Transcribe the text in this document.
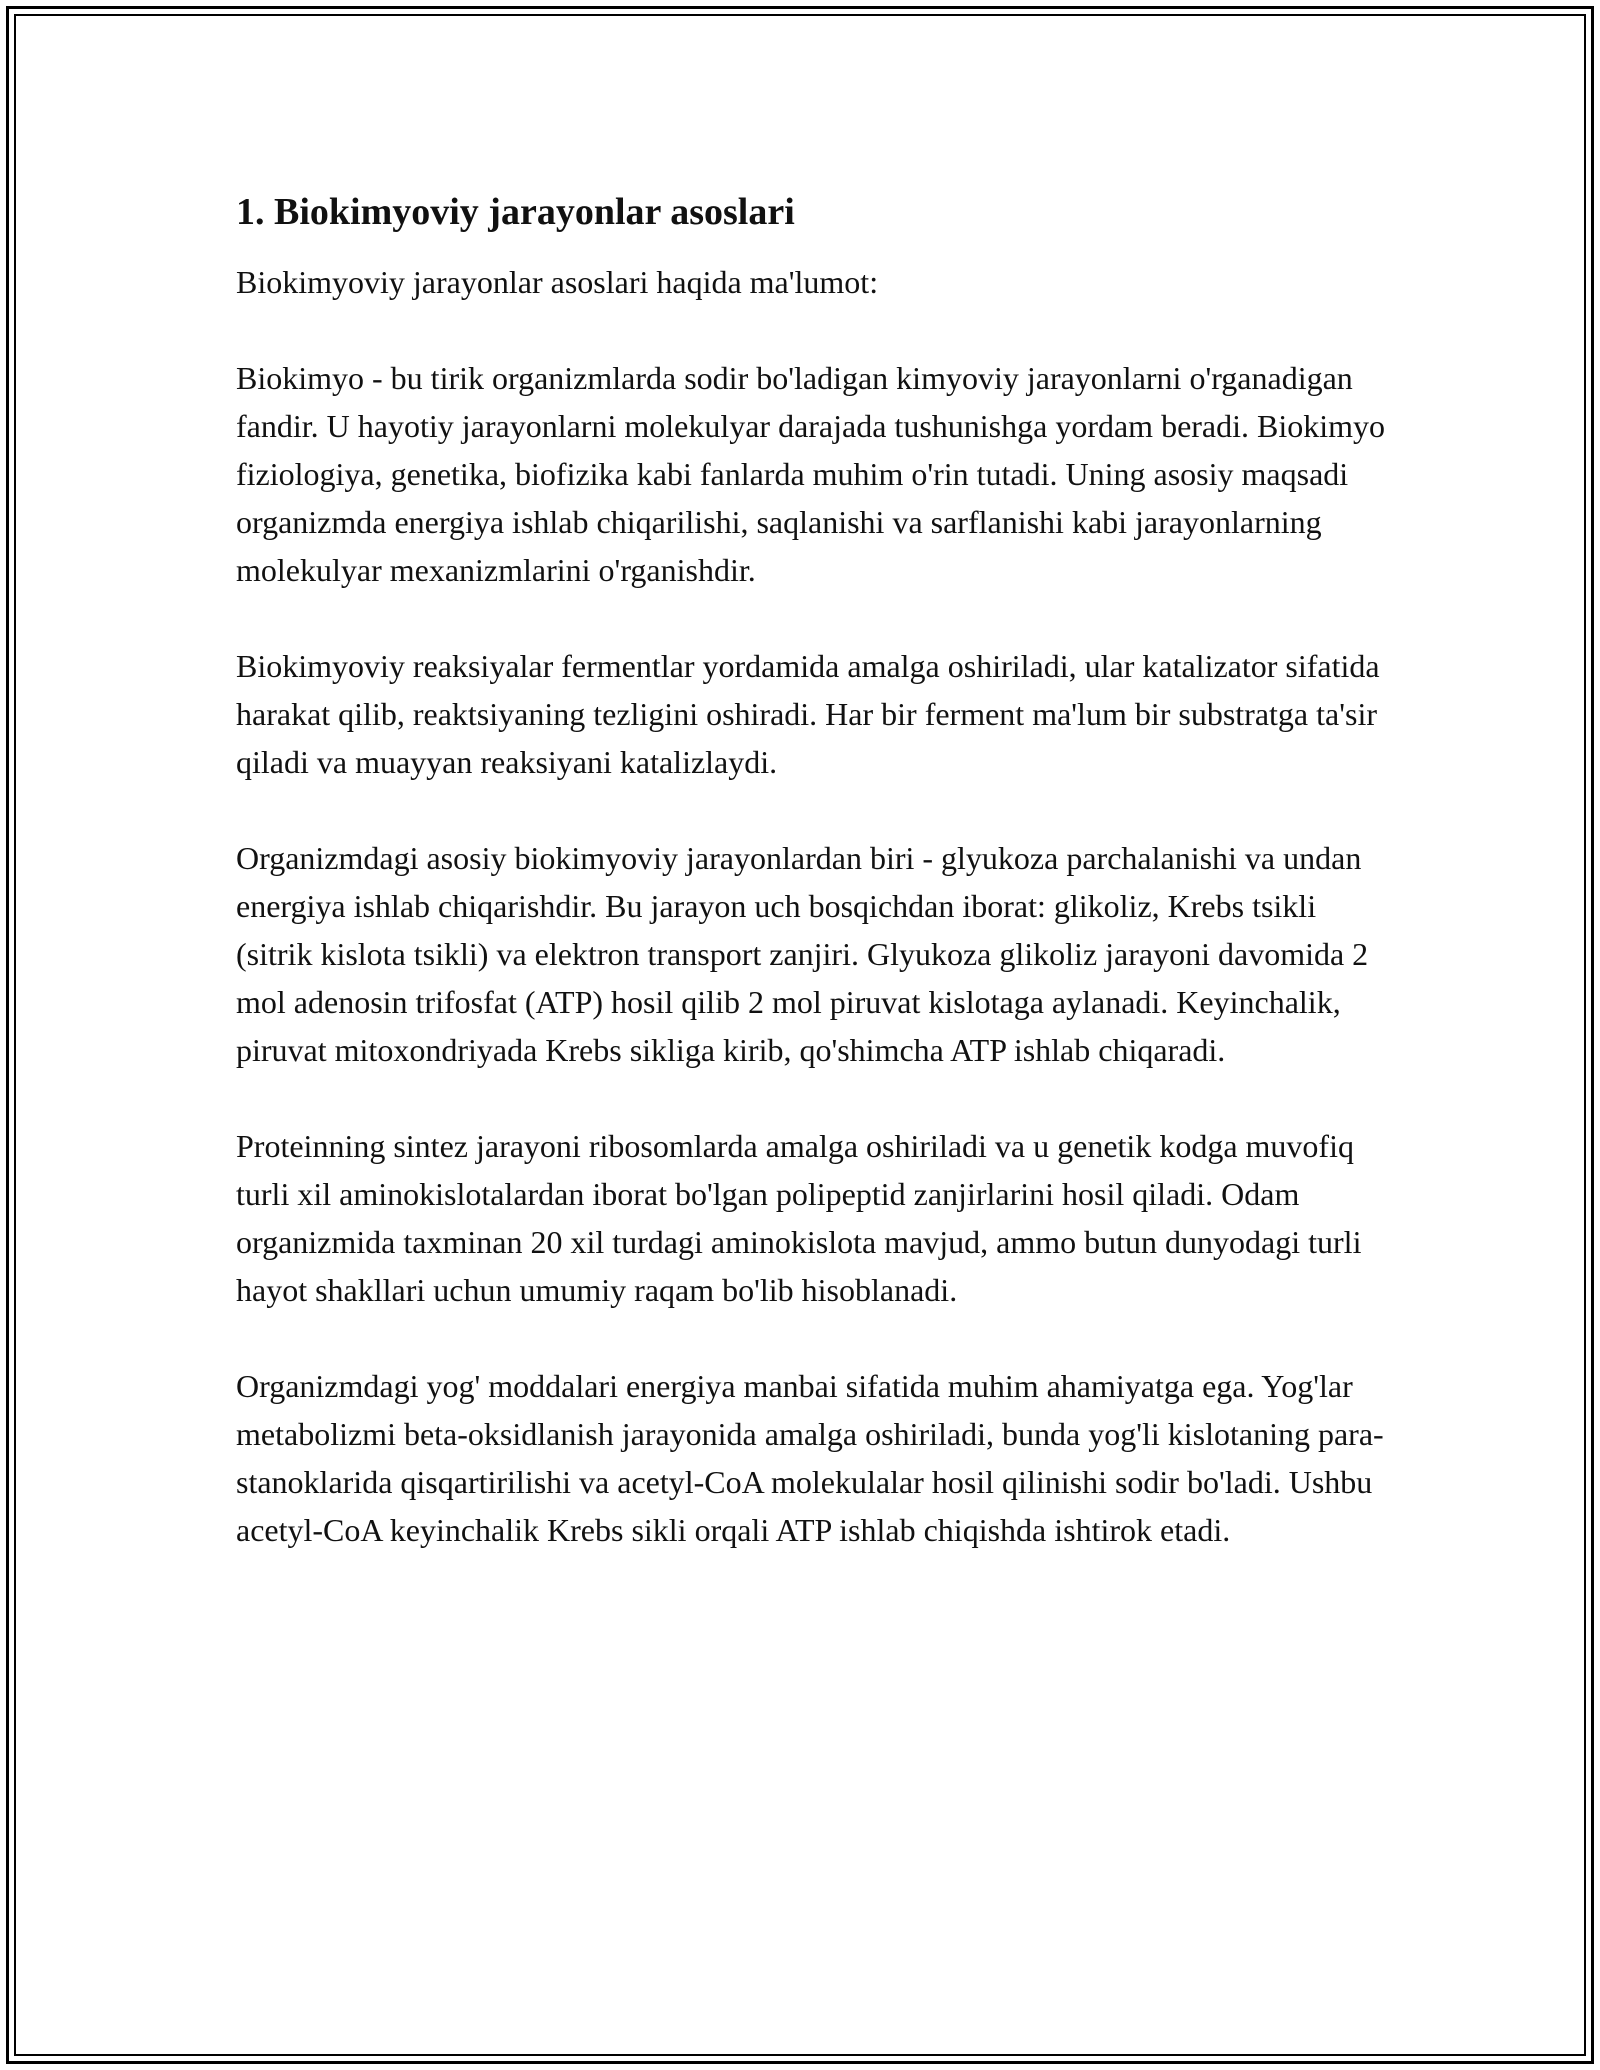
1. Biokimyoviy jarayonlar asoslari

Biokimyoviy jarayonlar asoslari haqida ma'lumot:

Biokimyo - bu tirik organizmlarda sodir bo'ladigan kimyoviy jarayonlarni o'rganadigan fandir. U hayotiy jarayonlarni molekulyar darajada tushunishga yordam beradi. Biokimyo fiziologiya, genetika, biofizika kabi fanlarda muhim o'rin tutadi. Uning asosiy maqsadi organizmda energiya ishlab chiqarilishi, saqlanishi va sarflanishi kabi jarayonlarning molekulyar mexanizmlarini o'rganishdir.

Biokimyoviy reaksiyalar fermentlar yordamida amalga oshiriladi, ular katalizator sifatida harakat qilib, reaktsiyaning tezligini oshiradi. Har bir ferment ma'lum bir substratga ta'sir qiladi va muayyan reaksiyani katalizlaydi.

Organizmdagi asosiy biokimyoviy jarayonlardan biri - glyukoza parchalanishi va undan energiya ishlab chiqarishdir. Bu jarayon uch bosqichdan iborat: glikoliz, Krebs tsikli (sitrik kislota tsikli) va elektron transport zanjiri. Glyukoza glikoliz jarayoni davomida 2 mol adenosin trifosfat (ATP) hosil qilib 2 mol piruvat kislotaga aylanadi. Keyinchalik, piruvat mitoxondriyada Krebs sikliga kirib, qo'shimcha ATP ishlab chiqaradi.

Proteinning sintez jarayoni ribosomlarda amalga oshiriladi va u genetik kodga muvofiq turli xil aminokislotalardan iborat bo'lgan polipeptid zanjirlarini hosil qiladi. Odam organizmida taxminan 20 xil turdagi aminokislota mavjud, ammo butun dunyodagi turli hayot shakllari uchun umumiy raqam bo'lib hisoblanadi.

Organizmdagi yog' moddalari energiya manbai sifatida muhim ahamiyatga ega. Yog'lar metabolizmi beta-oksidlanish jarayonida amalga oshiriladi, bunda yog'li kislotaning para-stanoklarida qisqartirilishi va acetyl-CoA molekulalar hosil qilinishi sodir bo'ladi. Ushbu acetyl-CoA keyinchalik Krebs sikli orqali ATP ishlab chiqishda ishtirok etadi.
